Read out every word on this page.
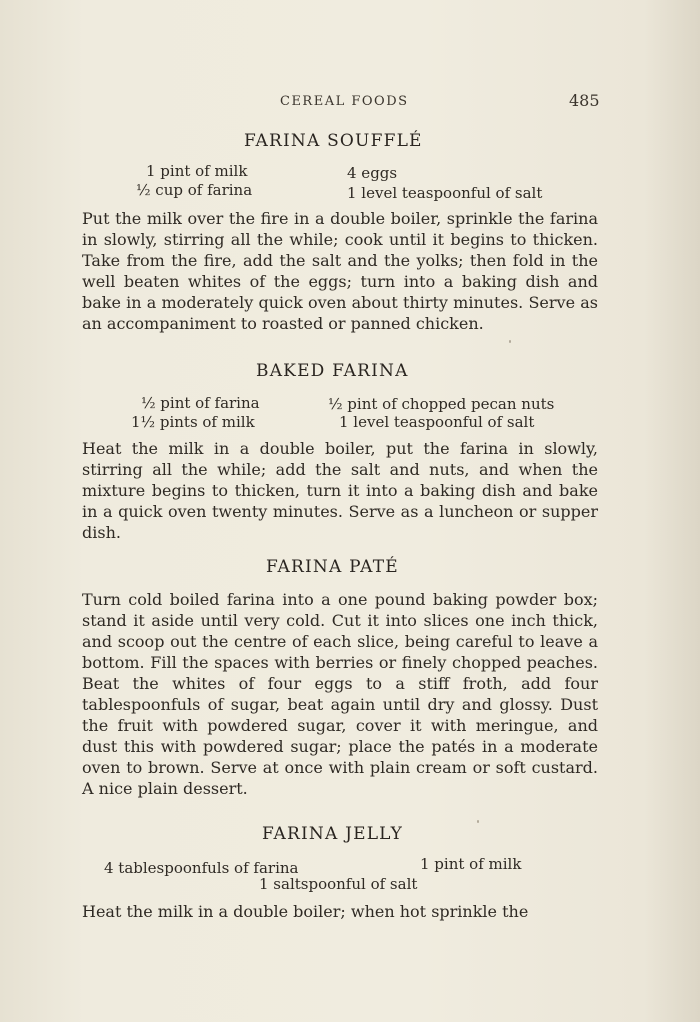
CEREAL FOODS	485
FARINA SOUFFLÉ
1 pint of milk	4 eggs
½ cup of farina	1 level teaspoonful of salt

Put the milk over the fire in a double boiler, sprinkle the farina in slowly, stirring all the while; cook until it begins to thicken. Take from the fire, add the salt and the yolks; then fold in the well beaten whites of the eggs; turn into a baking dish and bake in a moderately quick oven about thirty minutes. Serve as an accompaniment to roasted or panned chicken.

BAKED FARINA
½ pint of farina	½ pint of chopped pecan nuts
1½ pints of milk	1 level teaspoonful of salt

Heat the milk in a double boiler, put the farina in slowly, stirring all the while; add the salt and nuts, and when the mixture begins to thicken, turn it into a baking dish and bake in a quick oven twenty minutes. Serve as a luncheon or supper dish.

FARINA PATÉ

Turn cold boiled farina into a one pound baking powder box; stand it aside until very cold. Cut it into slices one inch thick, and scoop out the centre of each slice, being careful to leave a bottom. Fill the spaces with berries or finely chopped peaches. Beat the whites of four eggs to a stiff froth, add four tablespoonfuls of sugar, beat again until dry and glossy. Dust the fruit with powdered sugar, cover it with meringue, and dust this with powdered sugar; place the patés in a moderate oven to brown. Serve at once with plain cream or soft custard. A nice plain dessert.

FARINA JELLY
4 tablespoonfuls of farina	1 pint of milk
1 saltspoonful of salt

Heat the milk in a double boiler; when hot sprinkle the
